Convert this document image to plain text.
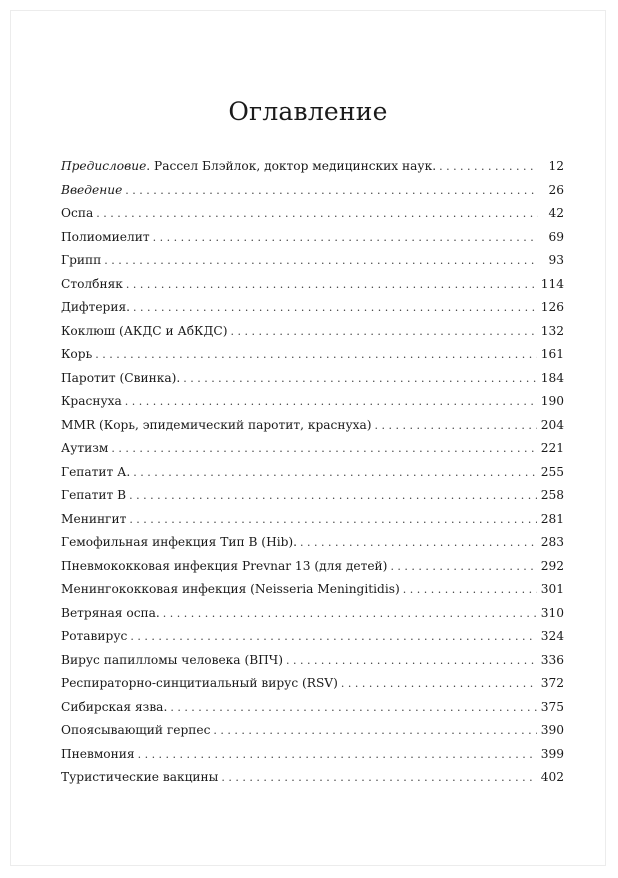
Оглавление
Предисловие. Рассел Блэйлок, доктор медицинских наук. . . .	12
Введение . . .	26
Оспа . . .	42
Полиомиелит . . .	69
Грипп . . .	93
Столбняк . . .	114
Дифтерия. . . .	126
Коклюш (АКДС и АбКДС) . . .	132
Корь . . .	161
Паротит (Свинка). . . .	184
Краснуха . . .	190
MMR (Корь, эпидемический паротит, краснуха) . . .	204
Аутизм . . .	221
Гепатит А. . . .	255
Гепатит В . . .	258
Менингит . . .	281
Гемофильная инфекция Тип В (Hib). . . .	283
Пневмококковая инфекция Prevnar 13 (для детей) . . .	292
Менингококковая инфекция (Neisseria Meningitidis) . . .	301
Ветряная оспа. . . .	310
Ротавирус . . .	324
Вирус папилломы человека (ВПЧ) . . .	336
Респираторно-синцитиальный вирус (RSV) . . .	372
Сибирская язва. . . .	375
Опоясывающий герпес . . .	390
Пневмония . . .	399
Туристические вакцины . . .	402
